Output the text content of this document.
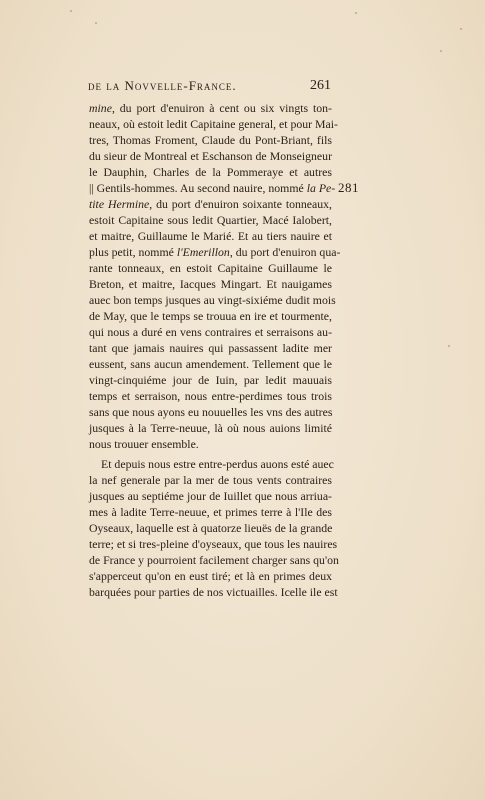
de la Novvelle-France.	261
281
mine, du port d'enuiron à cent ou six vingts ton-
neaux, où estoit ledit Capitaine general, et pour Mai-
tres, Thomas Froment, Claude du Pont-Briant, fils
du sieur de Montreal et Eschanson de Monseigneur
le Dauphin, Charles de la Pommeraye et autres
|| Gentils-hommes. Au second nauire, nommé la Pe-
tite Hermine, du port d'enuiron soixante tonneaux,
estoit Capitaine sous ledit Quartier, Macé Ialobert,
et maitre, Guillaume le Marié. Et au tiers nauire et
plus petit, nommé l'Emerillon, du port d'enuiron qua-
rante tonneaux, en estoit Capitaine Guillaume le
Breton, et maitre, Iacques Mingart. Et nauigames
auec bon temps jusques au vingt-sixiéme dudit mois
de May, que le temps se trouua en ire et tourmente,
qui nous a duré en vens contraires et serraisons au-
tant que jamais nauires qui passassent ladite mer
eussent, sans aucun amendement. Tellement que le
vingt-cinquiéme jour de Iuin, par ledit mauuais
temps et serraison, nous entre-perdimes tous trois
sans que nous ayons eu nouuelles les vns des autres
jusques à la Terre-neuue, là où nous auions limité
nous trouuer ensemble.
Et depuis nous estre entre-perdus auons esté auec
la nef generale par la mer de tous vents contraires
jusques au septiéme jour de Iuillet que nous arriua-
mes à ladite Terre-neuue, et primes terre à l'Ile des
Oyseaux, laquelle est à quatorze lieuës de la grande
terre; et si tres-pleine d'oyseaux, que tous les nauires
de France y pourroient facilement charger sans qu'on
s'apperceut qu'on en eust tiré; et là en primes deux
barquées pour parties de nos victuailles. Icelle ile est
